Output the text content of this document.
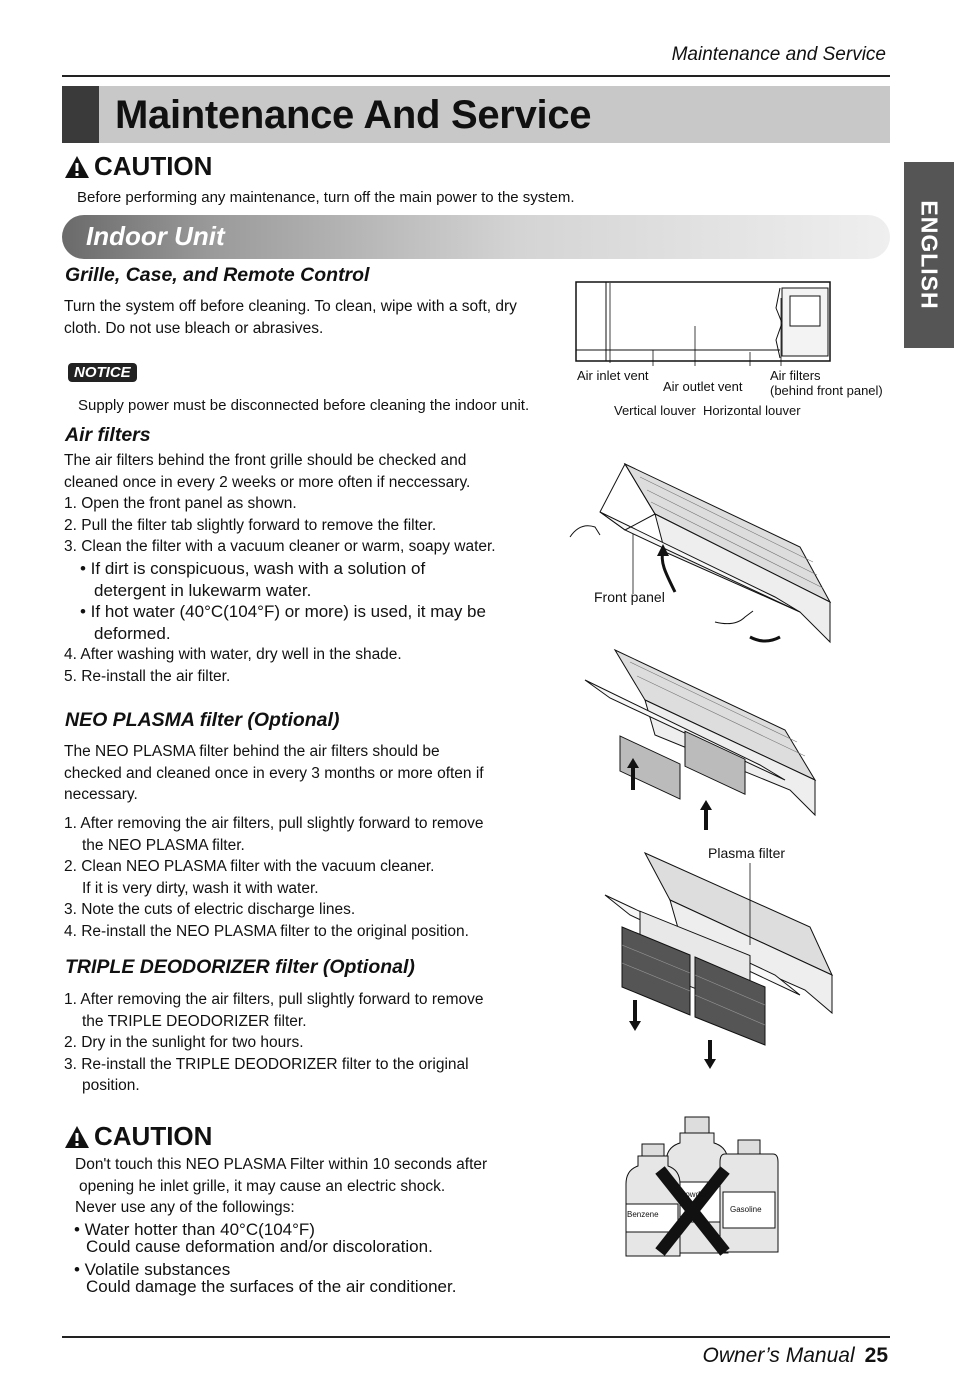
Maintenance and Service
Maintenance And Service
ENGLISH
CAUTION
Before performing any maintenance, turn off the main power to the system.
Indoor Unit
Grille, Case, and Remote Control
Turn the system off before cleaning. To clean, wipe with a soft, dry
cloth. Do not use bleach or abrasives.
NOTICE
Supply power must be disconnected before cleaning the indoor unit.
Air inlet vent
Air outlet vent
Air filters
(behind front panel)
Vertical louver Horizontal louver
Air filters
The air filters behind the front grille should be checked and
cleaned once in every 2 weeks or more often if neccessary.
1. Open the front panel as shown.
2. Pull the filter tab slightly forward to remove the filter.
3. Clean the filter with a vacuum cleaner or warm, soapy water.
• If dirt is conspicuous, wash with a solution of
detergent in lukewarm water.
• If hot water (40°C(104°F) or more) is used, it may be
deformed.
4. After washing with water, dry well in the shade.
5. Re-install the air filter.
Front panel
NEO PLASMA filter (Optional)
The NEO PLASMA filter behind the air filters should be
checked and cleaned once in every 3 months or more often if
necessary.
1. After removing the air filters, pull slightly forward to remove
the NEO PLASMA filter.
2. Clean NEO PLASMA filter with the vacuum cleaner.
If it is very dirty, wash it with water.
3. Note the cuts of electric discharge lines.
4. Re-install the NEO PLASMA filter to the original position.
Plasma filter
TRIPLE DEODORIZER filter (Optional)
1. After removing the air filters, pull slightly forward to remove
the TRIPLE DEODORIZER filter.
2. Dry in the sunlight for two hours.
3. Re-install the TRIPLE DEODORIZER filter to the original
position.
CAUTION
Don't touch this NEO PLASMA Filter within 10 seconds after
opening he inlet grille, it may cause an electric shock.
Never use any of the followings:
• Water hotter than 40°C(104°F)
Could cause deformation and/or discoloration.
• Volatile substances
Could damage the surfaces of the air conditioner.
Benzene
Powder
Gasoline
Owner’s Manual 25
